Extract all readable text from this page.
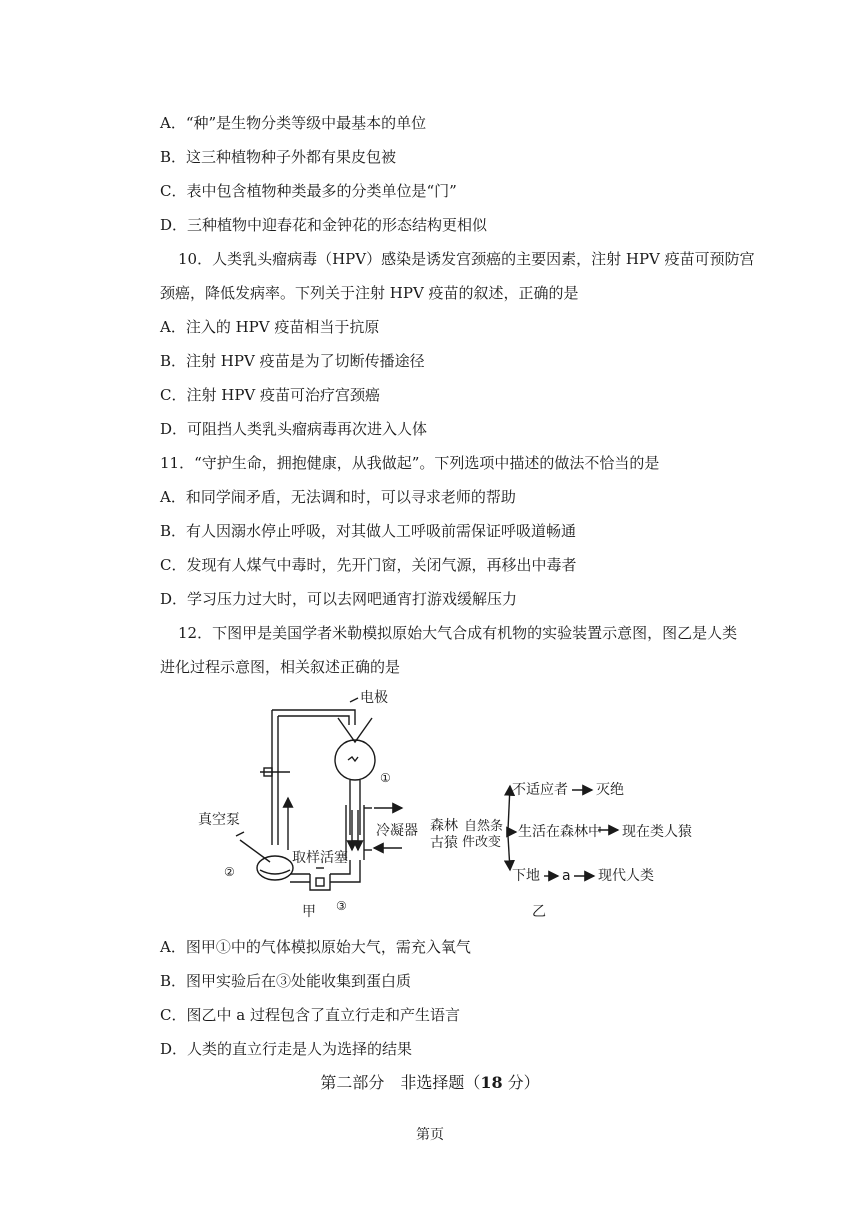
A．“种”是生物分类等级中最基本的单位
B．这三种植物种子外都有果皮包被
C．表中包含植物种类最多的分类单位是“门”
D．三种植物中迎春花和金钟花的形态结构更相似
10．人类乳头瘤病毒（HPV）感染是诱发宫颈癌的主要因素，注射 HPV 疫苗可预防宫
颈癌，降低发病率。下列关于注射 HPV 疫苗的叙述，正确的是
A．注入的 HPV 疫苗相当于抗原
B．注射 HPV 疫苗是为了切断传播途径
C．注射 HPV 疫苗可治疗宫颈癌
D．可阻挡人类乳头瘤病毒再次进入人体
11．“守护生命，拥抱健康，从我做起”。下列选项中描述的做法不恰当的是
A．和同学闹矛盾，无法调和时，可以寻求老师的帮助
B．有人因溺水停止呼吸，对其做人工呼吸前需保证呼吸道畅通
C．发现有人煤气中毒时，先开门窗，关闭气源，再移出中毒者
D．学习压力过大时，可以去网吧通宵打游戏缓解压力
12．下图甲是美国学者米勒模拟原始大气合成有机物的实验装置示意图，图乙是人类
进化过程示意图，相关叙述正确的是
电极
①
真空泵
冷凝器
取样活塞
②
③
甲
森林
古猿
自然条
件改变
不适应者 灭绝
生活在森林中 现在类人猿
下地 a 现代人类
乙
A．图甲①中的气体模拟原始大气，需充入氧气
B．图甲实验后在③处能收集到蛋白质
C．图乙中 a 过程包含了直立行走和产生语言
D．人类的直立行走是人为选择的结果
第二部分　非选择题（18 分）
第页
